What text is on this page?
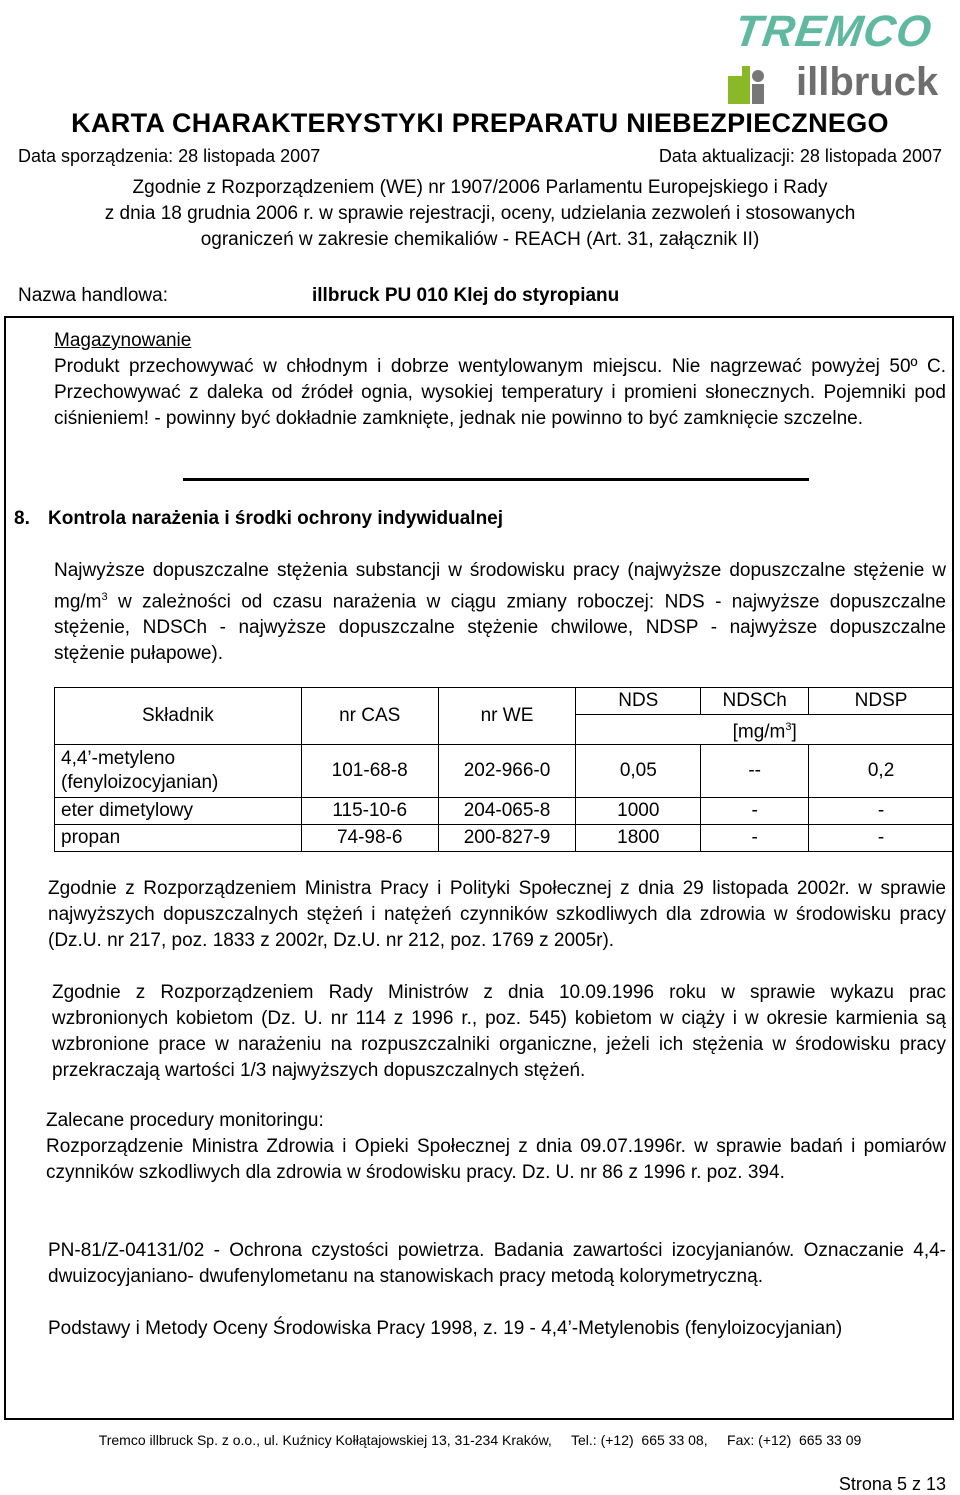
TREMCO
illbruck
KARTA CHARAKTERYSTYKI PREPARATU NIEBEZPIECZNEGO
Data sporządzenia: 28 listopada 2007	Data aktualizacji: 28 listopada 2007
Zgodnie z Rozporządzeniem (WE) nr 1907/2006 Parlamentu Europejskiego i Rady
z dnia 18 grudnia 2006 r. w sprawie rejestracji, oceny, udzielania zezwoleń i stosowanych
ograniczeń w zakresie chemikaliów - REACH (Art. 31, załącznik II)
Nazwa handlowa:	illbruck PU 010 Klej do styropianu
Magazynowanie
Produkt przechowywać w chłodnym i dobrze wentylowanym miejscu. Nie nagrzewać powyżej 50º C. Przechowywać z daleka od źródeł ognia, wysokiej temperatury i promieni słonecznych. Pojemniki pod ciśnieniem! - powinny być dokładnie zamknięte, jednak nie powinno to być zamknięcie szczelne.
8. Kontrola narażenia i środki ochrony indywidualnej
Najwyższe dopuszczalne stężenia substancji w środowisku pracy (najwyższe dopuszczalne stężenie w $mg/m^3$ w zależności od czasu narażenia w ciągu zmiany roboczej: NDS - najwyższe dopuszczalne stężenie, NDSCh - najwyższe dopuszczalne stężenie chwilowe, NDSP - najwyższe dopuszczalne stężenie pułapowe).
Składnik	nr CAS	nr WE	NDS	NDSCh	NDSP
			$[mg/m^3]$		
4,4’-metyleno (fenyloizocyjanian)	101-68-8	202-966-0	0,05	--	0,2
eter dimetylowy	115-10-6	204-065-8	1000	-	-
propan	74-98-6	200-827-9	1800	-	-
Zgodnie z Rozporządzeniem Ministra Pracy i Polityki Społecznej z dnia 29 listopada 2002r. w sprawie najwyższych dopuszczalnych stężeń i natężeń czynników szkodliwych dla zdrowia w środowisku pracy (Dz.U. nr 217, poz. 1833 z 2002r, Dz.U. nr 212, poz. 1769 z 2005r).
Zgodnie z Rozporządzeniem Rady Ministrów z dnia 10.09.1996 roku w sprawie wykazu prac wzbronionych kobietom (Dz. U. nr 114 z 1996 r., poz. 545) kobietom w ciąży i w okresie karmienia są wzbronione prace w narażeniu na rozpuszczalniki organiczne, jeżeli ich stężenia w środowisku pracy przekraczają wartości 1/3 najwyższych dopuszczalnych stężeń.
Zalecane procedury monitoringu:
Rozporządzenie Ministra Zdrowia i Opieki Społecznej z dnia 09.07.1996r. w sprawie badań i pomiarów czynników szkodliwych dla zdrowia w środowisku pracy. Dz. U. nr 86 z 1996 r. poz. 394.
PN-81/Z-04131/02 - Ochrona czystości powietrza. Badania zawartości izocyjanianów. Oznaczanie 4,4-dwuizocyjaniano- dwufenylometanu na stanowiskach pracy metodą kolorymetryczną.
Podstawy i Metody Oceny Środowiska Pracy 1998, z. 19 - 4,4’-Metylenobis (fenyloizocyjanian)
Tremco illbruck Sp. z o.o., ul. Kuźnicy Kołłątajowskiej 13, 31-234 Kraków,     Tel.: (+12)  665 33 08,     Fax: (+12)  665 33 09
Strona 5 z 13
